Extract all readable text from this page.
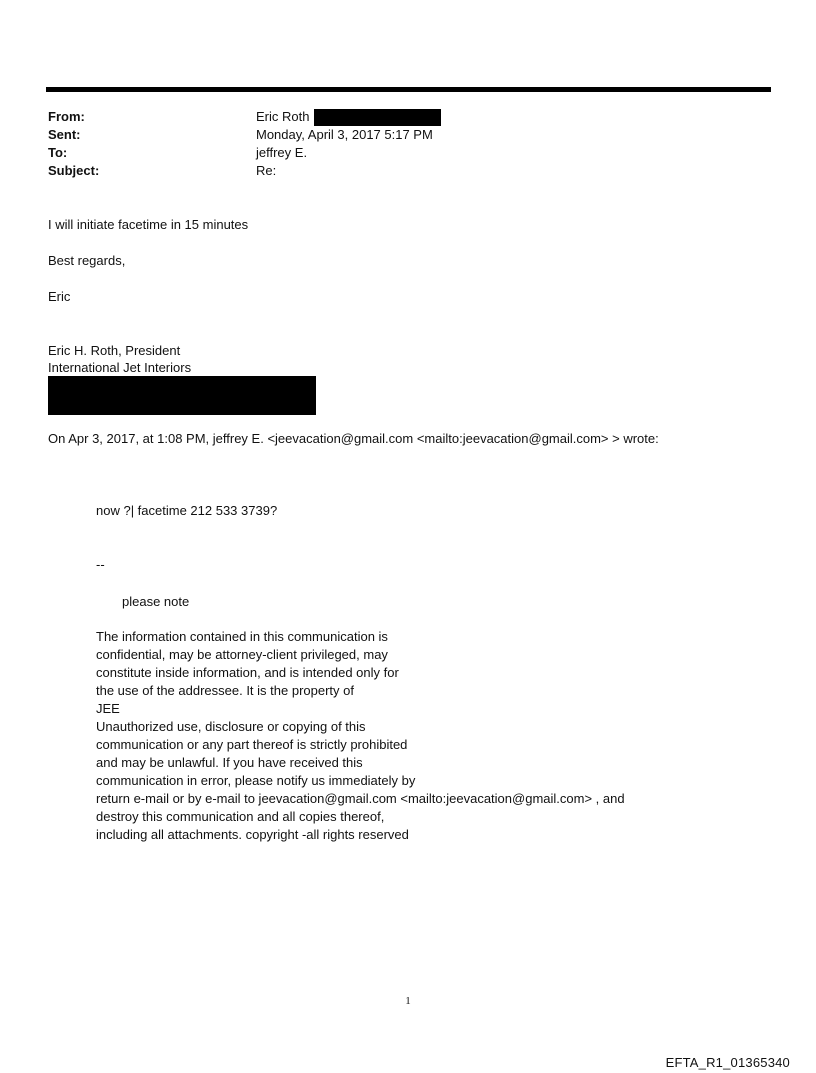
From:	Eric Roth
Sent:	Monday, April 3, 2017 5:17 PM
To:	jeffrey E.
Subject:	Re:
I will initiate facetime in 15 minutes
Best regards,
Eric
Eric H. Roth, President
International Jet Interiors
On Apr 3, 2017, at 1:08 PM, jeffrey E. <jeevacation@gmail.com <mailto:jeevacation@gmail.com> > wrote:
now ?| facetime 212 533 3739?
--
please note
The information contained in this communication is
confidential, may be attorney-client privileged, may
constitute inside information, and is intended only for
the use of the addressee. It is the property of
JEE
Unauthorized use, disclosure or copying of this
communication or any part thereof is strictly prohibited
and may be unlawful. If you have received this
communication in error, please notify us immediately by
return e-mail or by e-mail to jeevacation@gmail.com <mailto:jeevacation@gmail.com> , and
destroy this communication and all copies thereof,
including all attachments. copyright -all rights reserved
1
EFTA_R1_01365340
